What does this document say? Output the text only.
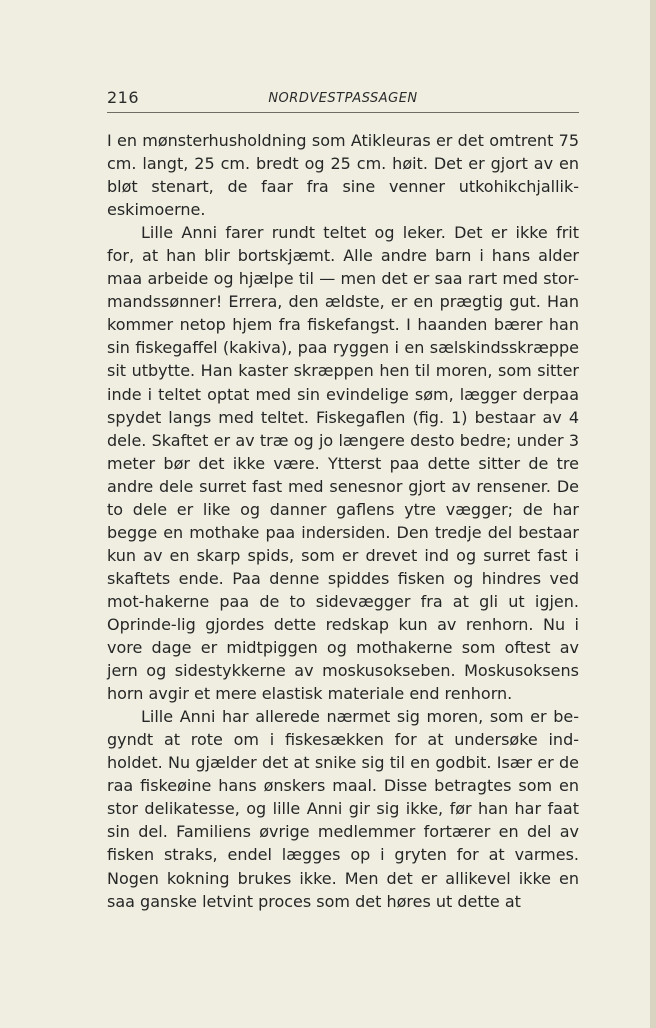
216	NORDVESTPASSAGEN

I en mønsterhusholdning som Atikleuras er det omtrent 75 cm. langt, 25 cm. bredt og 25 cm. høit. Det er gjort av en bløt stenart, de faar fra sine venner utkohikchjallik-eskimoerne.

Lille Anni farer rundt teltet og leker. Det er ikke frit for, at han blir bortskjæmt. Alle andre barn i hans alder maa arbeide og hjælpe til — men det er saa rart med stor-mandssønner! Errera, den ældste, er en prægtig gut. Han kommer netop hjem fra fiskefangst. I haanden bærer han sin fiskegaffel (kakiva), paa ryggen i en sælskindsskræppe sit utbytte. Han kaster skræppen hen til moren, som sitter inde i teltet optat med sin evindelige søm, lægger derpaa spydet langs med teltet. Fiskegaflen (fig. 1) bestaar av 4 dele. Skaftet er av træ og jo længere desto bedre; under 3 meter bør det ikke være. Ytterst paa dette sitter de tre andre dele surret fast med senesnor gjort av rensener. De to dele er like og danner gaflens ytre vægger; de har begge en mothake paa indersiden. Den tredje del bestaar kun av en skarp spids, som er drevet ind og surret fast i skaftets ende. Paa denne spiddes fisken og hindres ved mot-hakerne paa de to sidevægger fra at gli ut igjen. Oprinde-lig gjordes dette redskap kun av renhorn. Nu i vore dage er midtpiggen og mothakerne som oftest av jern og sidestykkerne av moskusokseben. Moskusoksens horn avgir et mere elastisk materiale end renhorn.

Lille Anni har allerede nærmet sig moren, som er be-gyndt at rote om i fiskesækken for at undersøke ind-holdet. Nu gjælder det at snike sig til en godbit. Især er de raa fiskeøine hans ønskers maal. Disse betragtes som en stor delikatesse, og lille Anni gir sig ikke, før han har faat sin del. Familiens øvrige medlemmer fortærer en del av fisken straks, endel lægges op i gryten for at varmes. Nogen kokning brukes ikke. Men det er allikevel ikke en saa ganske letvint proces som det høres ut dette at
